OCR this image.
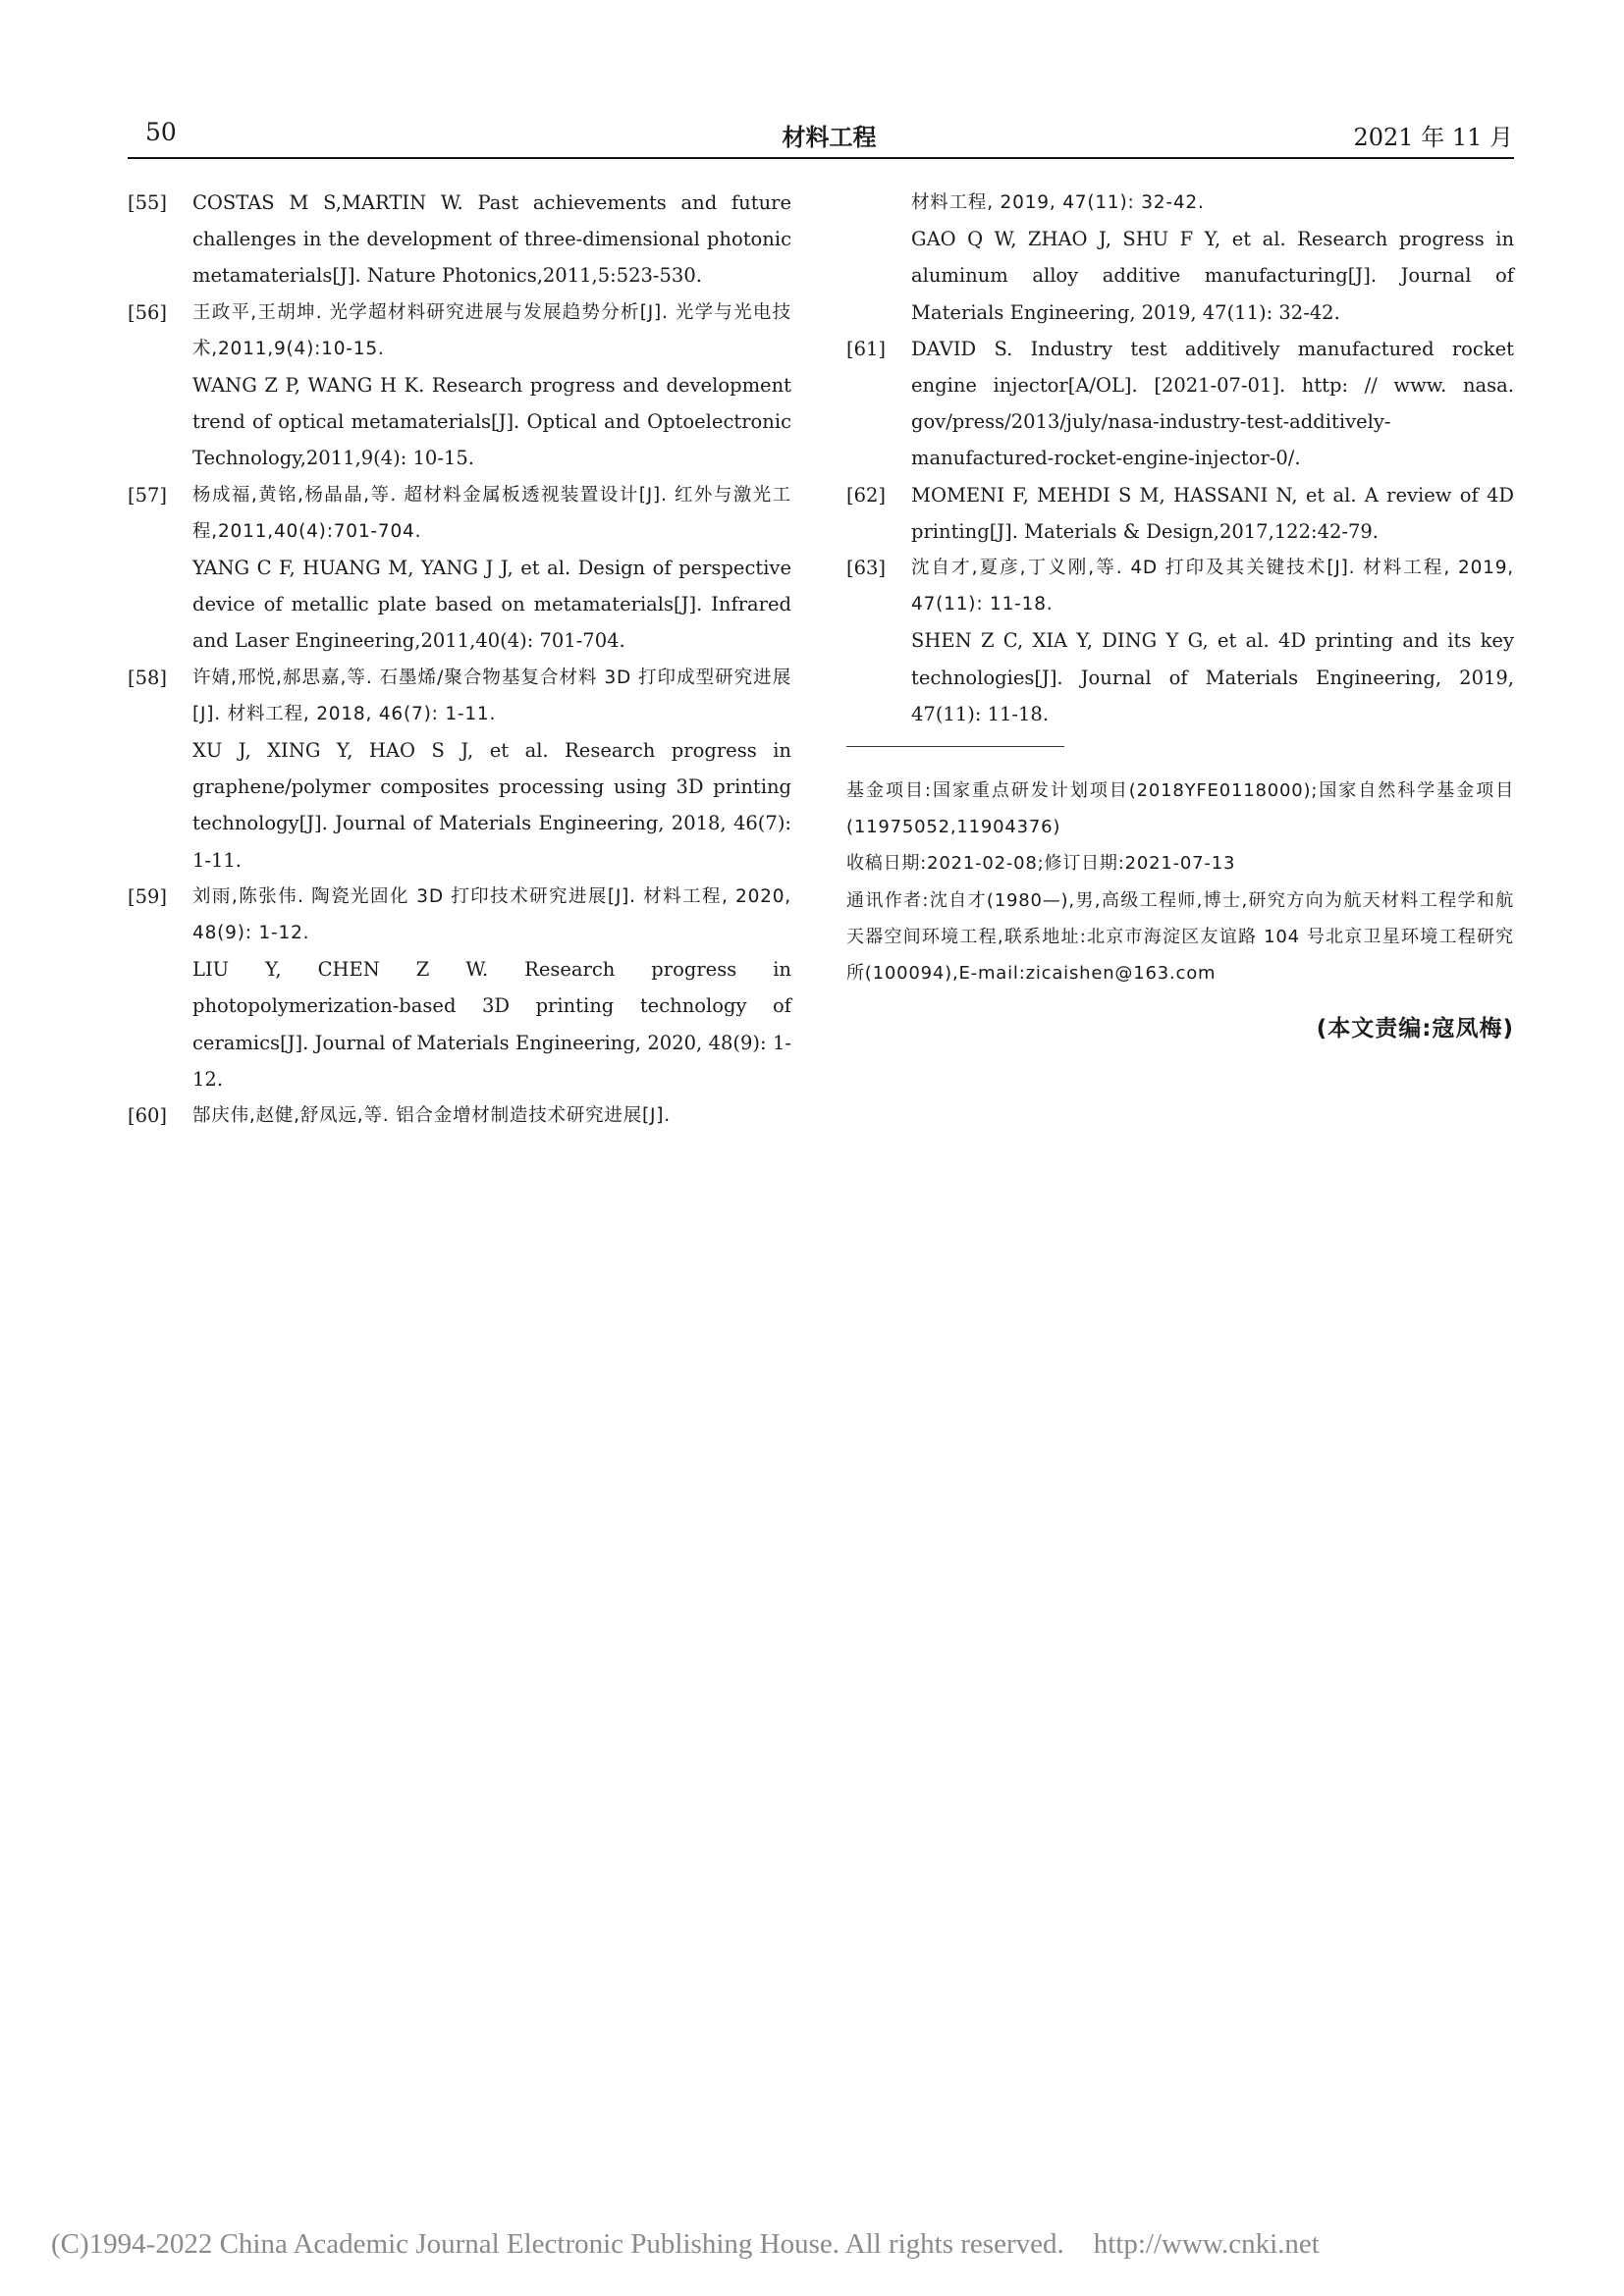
50	材料工程	2021 年 11 月
[55] COSTAS M S,MARTIN W. Past achievements and future challenges in the development of three-dimensional photonic metamaterials[J]. Nature Photonics,2011,5:523-530.

[56] 王政平,王胡坤. 光学超材料研究进展与发展趋势分析[J]. 光学与光电技术,2011,9(4):10-15.

WANG Z P, WANG H K. Research progress and development trend of optical metamaterials[J]. Optical and Optoelectronic Technology,2011,9(4): 10-15.

[57] 杨成福,黄铭,杨晶晶,等. 超材料金属板透视装置设计[J]. 红外与激光工程,2011,40(4):701-704.

YANG C F, HUANG M, YANG J J, et al. Design of perspective device of metallic plate based on metamaterials[J]. Infrared and Laser Engineering,2011,40(4): 701-704.

[58] 许婧,邢悦,郝思嘉,等. 石墨烯/聚合物基复合材料 3D 打印成型研究进展[J]. 材料工程, 2018, 46(7): 1-11.

XU J, XING Y, HAO S J, et al. Research progress in graphene/polymer composites processing using 3D printing technology[J]. Journal of Materials Engineering, 2018, 46(7): 1-11.

[59] 刘雨,陈张伟. 陶瓷光固化 3D 打印技术研究进展[J]. 材料工程, 2020, 48(9): 1-12.

LIU Y, CHEN Z W. Research progress in photopolymerization-based 3D printing technology of ceramics[J]. Journal of Materials Engineering, 2020, 48(9): 1-12.

[60] 郜庆伟,赵健,舒凤远,等. 铝合金增材制造技术研究进展[J].

材料工程, 2019, 47(11): 32-42.

GAO Q W, ZHAO J, SHU F Y, et al. Research progress in aluminum alloy additive manufacturing[J]. Journal of Materials Engineering, 2019, 47(11): 32-42.

[61] DAVID S. Industry test additively manufactured rocket engine injector[A/OL]. [2021-07-01]. http: // www. nasa. gov/press/2013/july/nasa-industry-test-additively-manufactured-rocket-engine-injector-0/.

[62] MOMENI F, MEHDI S M, HASSANI N, et al. A review of 4D printing[J]. Materials & Design,2017,122:42-79.

[63] 沈自才,夏彦,丁义刚,等. 4D 打印及其关键技术[J]. 材料工程, 2019, 47(11): 11-18.

SHEN Z C, XIA Y, DING Y G, et al. 4D printing and its key technologies[J]. Journal of Materials Engineering, 2019, 47(11): 11-18.

基金项目:国家重点研发计划项目(2018YFE0118000);国家自然科学基金项目(11975052,11904376)

收稿日期:2021-02-08;修订日期:2021-07-13

通讯作者:沈自才(1980—),男,高级工程师,博士,研究方向为航天材料工程学和航天器空间环境工程,联系地址:北京市海淀区友谊路 104 号北京卫星环境工程研究所(100094),E-mail:zicaishen@163.com

(本文责编:寇凤梅)
(C)1994-2022 China Academic Journal Electronic Publishing House. All rights reserved. http://www.cnki.net
